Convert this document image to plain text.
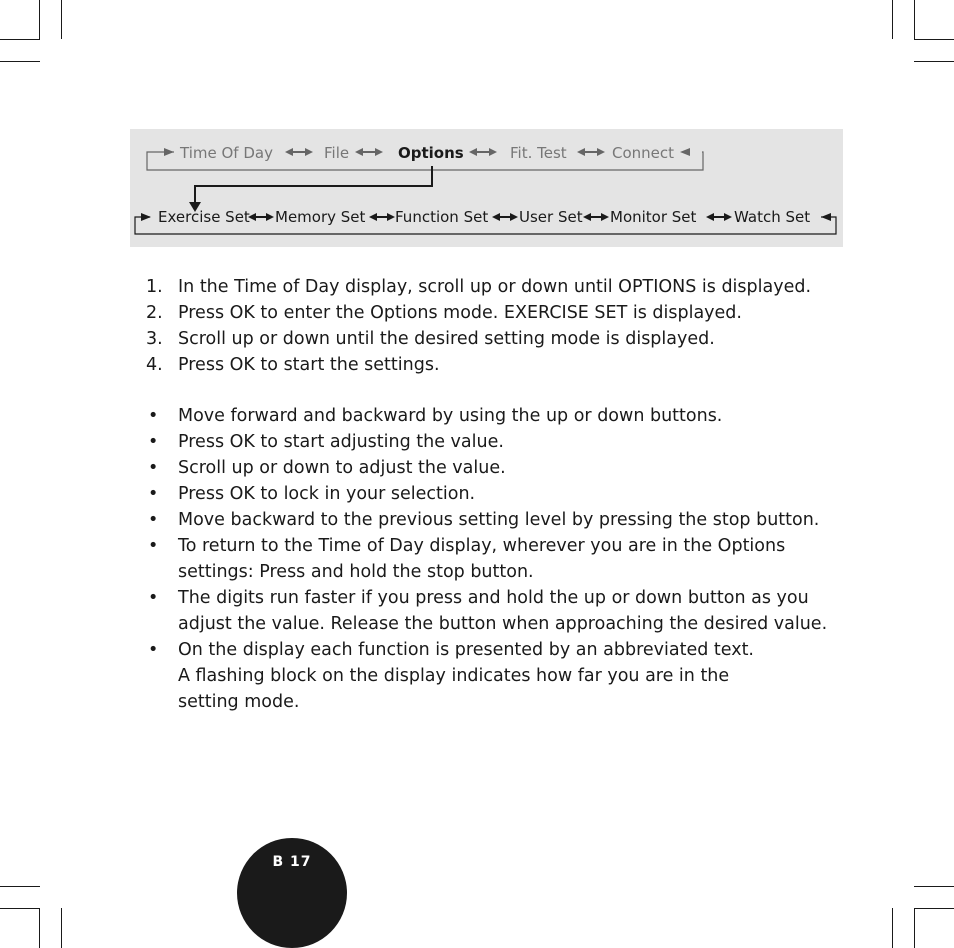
Time Of Day	File	Options	Fit. Test	Connect
Exercise Set Memory Set Function Set User Set Monitor Set	Watch Set
1. In the Time of Day display, scroll up or down until OPTIONS is displayed.
2. Press OK to enter the Options mode. EXERCISE SET is displayed.
3. Scroll up or down until the desired setting mode is displayed.
4. Press OK to start the settings.
• Move forward and backward by using the up or down buttons.
• Press OK to start adjusting the value.
• Scroll up or down to adjust the value.
• Press OK to lock in your selection.
• Move backward to the previous setting level by pressing the stop button.
• To return to the Time of Day display, wherever you are in the Options
settings: Press and hold the stop button.
• The digits run faster if you press and hold the up or down button as you
adjust the value. Release the button when approaching the desired value.
• On the display each function is presented by an abbreviated text.
A flashing block on the display indicates how far you are in the
setting mode.
B 17
